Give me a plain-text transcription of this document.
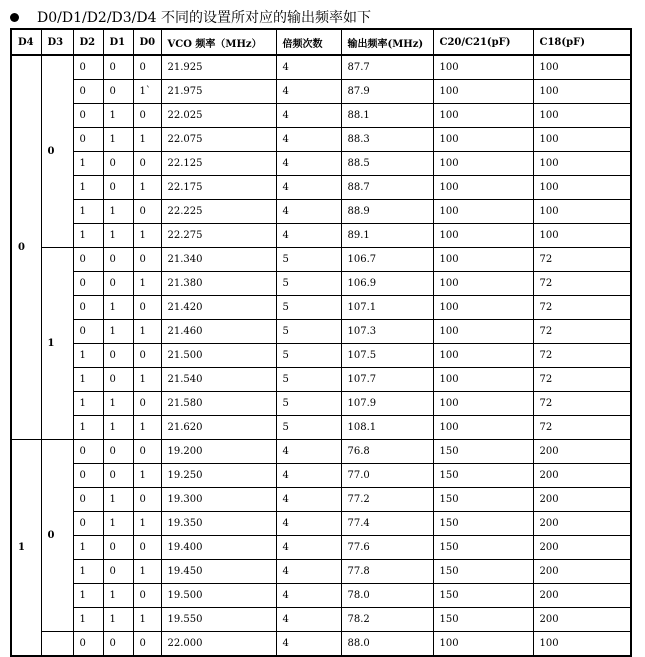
D0/D1/D2/D3/D4 不同的设置所对应的输出频率如下
D4	D3	D2	D1	D0	VCO 频率（MHz）	倍频次数	输出频率(MHz)	C20/C21(pF)	C18(pF)
0	0	0	0	0	21.925	4	87.7	100	100
		0	0	1`	21.975	4	87.9	100	100
		0	1	0	22.025	4	88.1	100	100
		0	1	1	22.075	4	88.3	100	100
		1	0	0	22.125	4	88.5	100	100
		1	0	1	22.175	4	88.7	100	100
		1	1	0	22.225	4	88.9	100	100
		1	1	1	22.275	4	89.1	100	100
	1	0	0	0	21.340	5	106.7	100	72
		0	0	1	21.380	5	106.9	100	72
		0	1	0	21.420	5	107.1	100	72
		0	1	1	21.460	5	107.3	100	72
		1	0	0	21.500	5	107.5	100	72
		1	0	1	21.540	5	107.7	100	72
		1	1	0	21.580	5	107.9	100	72
		1	1	1	21.620	5	108.1	100	72
1	0	0	0	0	19.200	4	76.8	150	200
		0	0	1	19.250	4	77.0	150	200
		0	1	0	19.300	4	77.2	150	200
		0	1	1	19.350	4	77.4	150	200
		1	0	0	19.400	4	77.6	150	200
		1	0	1	19.450	4	77.8	150	200
		1	1	0	19.500	4	78.0	150	200
		1	1	1	19.550	4	78.2	150	200
		0	0	0	22.000	4	88.0	100	100
